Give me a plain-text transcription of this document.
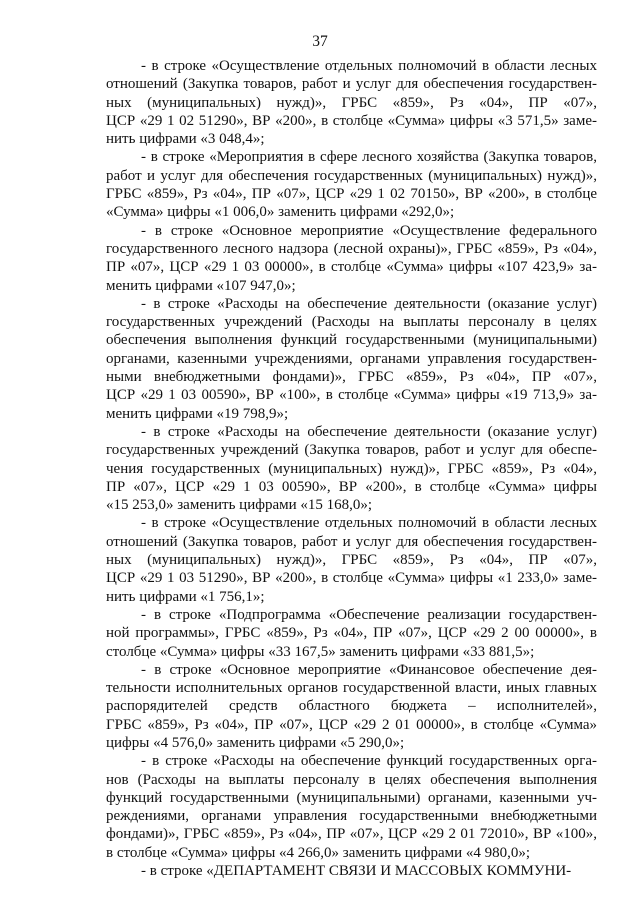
37

- в строке «Осуществление отдельных полномочий в области лесных
отношений (Закупка товаров, работ и услуг для обеспечения государствен-
ных (муниципальных) нужд)», ГРБС «859», Рз «04», ПР «07»,
ЦСР «29 1 02 51290», ВР «200», в столбце «Сумма» цифры «3 571,5» заме-
нить цифрами «3 048,4»;

- в строке «Мероприятия в сфере лесного хозяйства (Закупка товаров,
работ и услуг для обеспечения государственных (муниципальных) нужд)»,
ГРБС «859», Рз «04», ПР «07», ЦСР «29 1 02 70150», ВР «200», в столбце
«Сумма» цифры «1 006,0» заменить цифрами «292,0»;

- в строке «Основное мероприятие «Осуществление федерального
государственного лесного надзора (лесной охраны)», ГРБС «859», Рз «04»,
ПР «07», ЦСР «29 1 03 00000», в столбце «Сумма» цифры «107 423,9» за-
менить цифрами «107 947,0»;

- в строке «Расходы на обеспечение деятельности (оказание услуг)
государственных учреждений (Расходы на выплаты персоналу в целях
обеспечения выполнения функций государственными (муниципальными)
органами, казенными учреждениями, органами управления государствен-
ными внебюджетными фондами)», ГРБС «859», Рз «04», ПР «07»,
ЦСР «29 1 03 00590», ВР «100», в столбце «Сумма» цифры «19 713,9» за-
менить цифрами «19 798,9»;

- в строке «Расходы на обеспечение деятельности (оказание услуг)
государственных учреждений (Закупка товаров, работ и услуг для обеспе-
чения государственных (муниципальных) нужд)», ГРБС «859», Рз «04»,
ПР «07», ЦСР «29 1 03 00590», ВР «200», в столбце «Сумма» цифры
«15 253,0» заменить цифрами «15 168,0»;

- в строке «Осуществление отдельных полномочий в области лесных
отношений (Закупка товаров, работ и услуг для обеспечения государствен-
ных (муниципальных) нужд)», ГРБС «859», Рз «04», ПР «07»,
ЦСР «29 1 03 51290», ВР «200», в столбце «Сумма» цифры «1 233,0» заме-
нить цифрами «1 756,1»;

- в строке «Подпрограмма «Обеспечение реализации государствен-
ной программы», ГРБС «859», Рз «04», ПР «07», ЦСР «29 2 00 00000», в
столбце «Сумма» цифры «33 167,5» заменить цифрами «33 881,5»;

- в строке «Основное мероприятие «Финансовое обеспечение дея-
тельности исполнительных органов государственной власти, иных главных
распорядителей средств областного бюджета – исполнителей»,
ГРБС «859», Рз «04», ПР «07», ЦСР «29 2 01 00000», в столбце «Сумма»
цифры «4 576,0» заменить цифрами «5 290,0»;

- в строке «Расходы на обеспечение функций государственных орга-
нов (Расходы на выплаты персоналу в целях обеспечения выполнения
функций государственными (муниципальными) органами, казенными уч-
реждениями, органами управления государственными внебюджетными
фондами)», ГРБС «859», Рз «04», ПР «07», ЦСР «29 2 01 72010», ВР «100»,
в столбце «Сумма» цифры «4 266,0» заменить цифрами «4 980,0»;

- в строке «ДЕПАРТАМЕНТ СВЯЗИ И МАССОВЫХ КОММУНИ-
